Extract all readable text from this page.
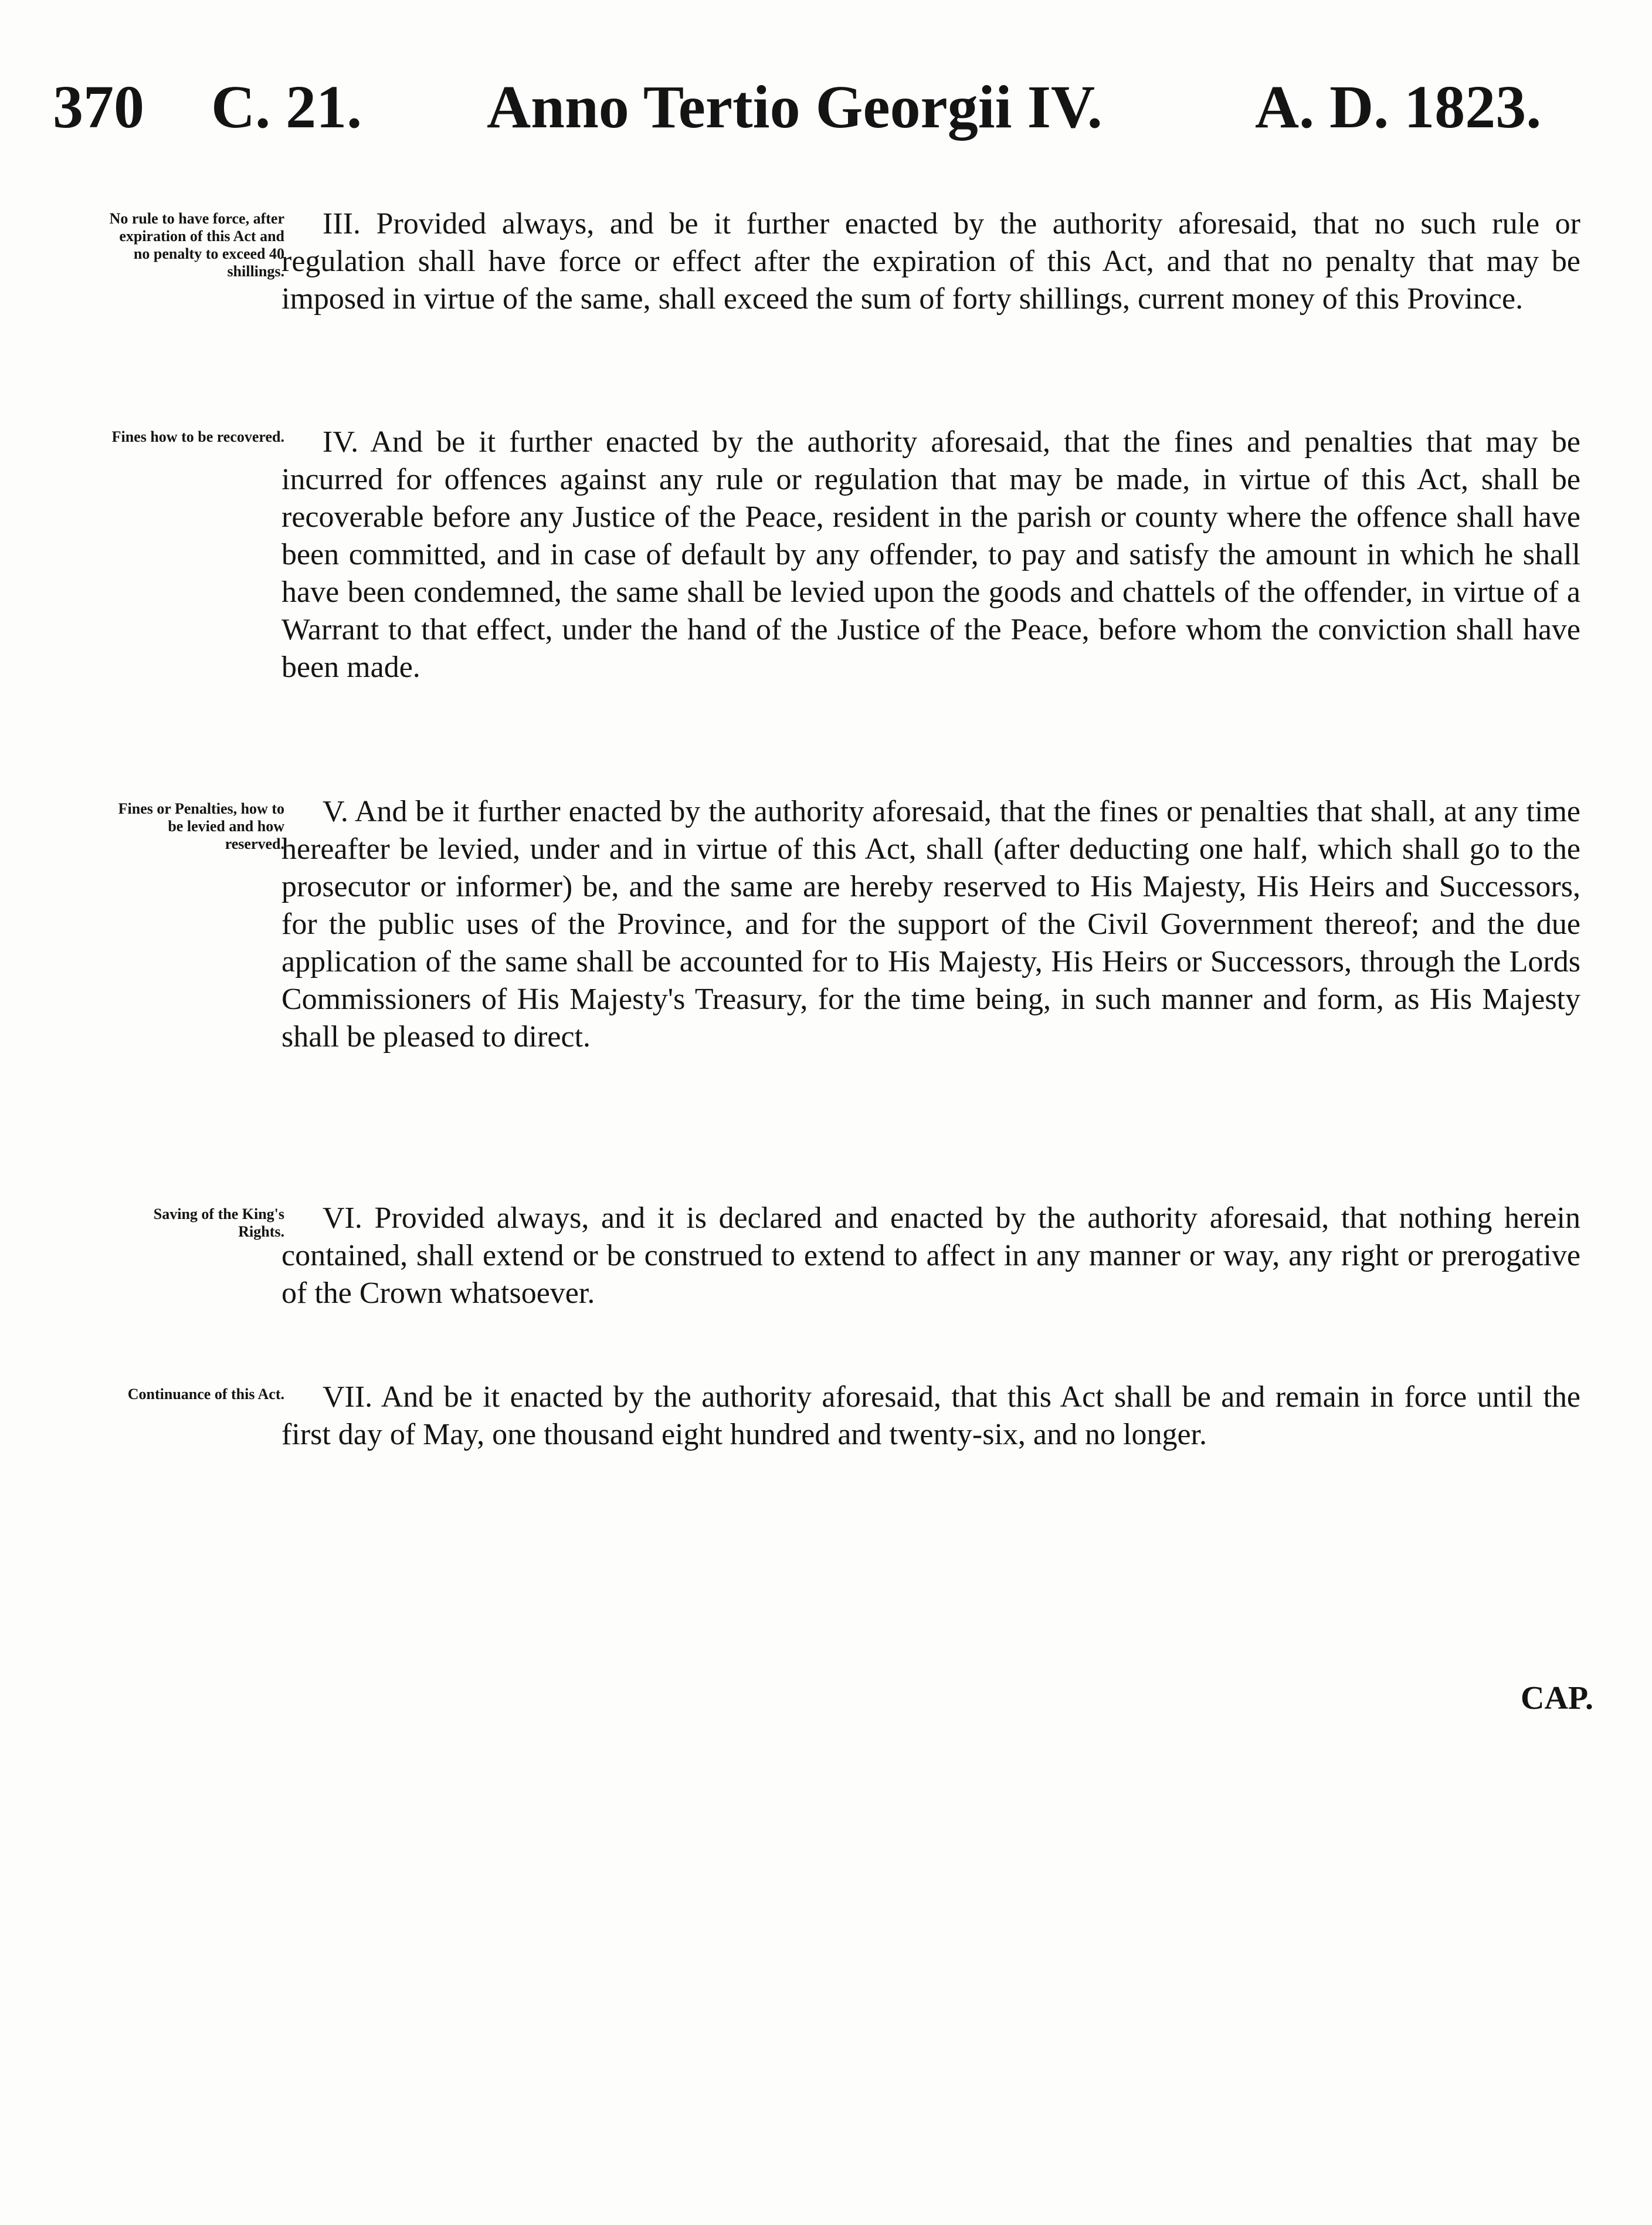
370 C. 21. Anno Tertio Georgii IV.	A. D. 1823.
No rule to have force, after expiration of this Act and no penalty to exceed 40 shillings.
III. Provided always, and be it further enacted by the authority aforesaid, that no such rule or regulation shall have force or effect after the expiration of this Act, and that no penalty that may be imposed in virtue of the same, shall exceed the sum of forty shillings, current money of this Province.
Fines how to be recovered.	IV. And be it further enacted by the authority aforesaid, that the fines and penalties that may be incurred for offences against any rule or regulation that may be made, in virtue of this Act, shall be recoverable before any Justice of the Peace, resident in the parish or county where the offence shall have been committed, and in case of default by any offender, to pay and satisfy the amount in which he shall have been condemned, the same shall be levied upon the goods and chattels of the offender, in virtue of a Warrant to that effect, under the hand of the Justice of the Peace, before whom the conviction shall have been made.
Fines or Penalties, how to be levied and how reserved.
V. And be it further enacted by the authority aforesaid, that the fines or penalties that shall, at any time hereafter be levied, under and in virtue of this Act, shall (after deducting one half, which shall go to the prosecutor or informer) be, and the same are hereby reserved to His Majesty, His Heirs and Successors, for the public uses of the Province, and for the support of the Civil Government thereof; and the due application of the same shall be accounted for to His Majesty, His Heirs or Successors, through the Lords Commissioners of His Majesty's Treasury, for the time being, in such manner and form, as His Majesty shall be pleased to direct.
Saving of the King's Rights.	VI. Provided always, and it is declared and enacted by the authority aforesaid, that nothing herein contained, shall extend or be construed to extend to affect in any manner or way, any right or prerogative of the Crown whatsoever.
Continuance of this Act.	VII. And be it enacted by the authority aforesaid, that this Act shall be and remain in force until the first day of May, one thousand eight hundred and twenty-six, and no longer.
CAP.
